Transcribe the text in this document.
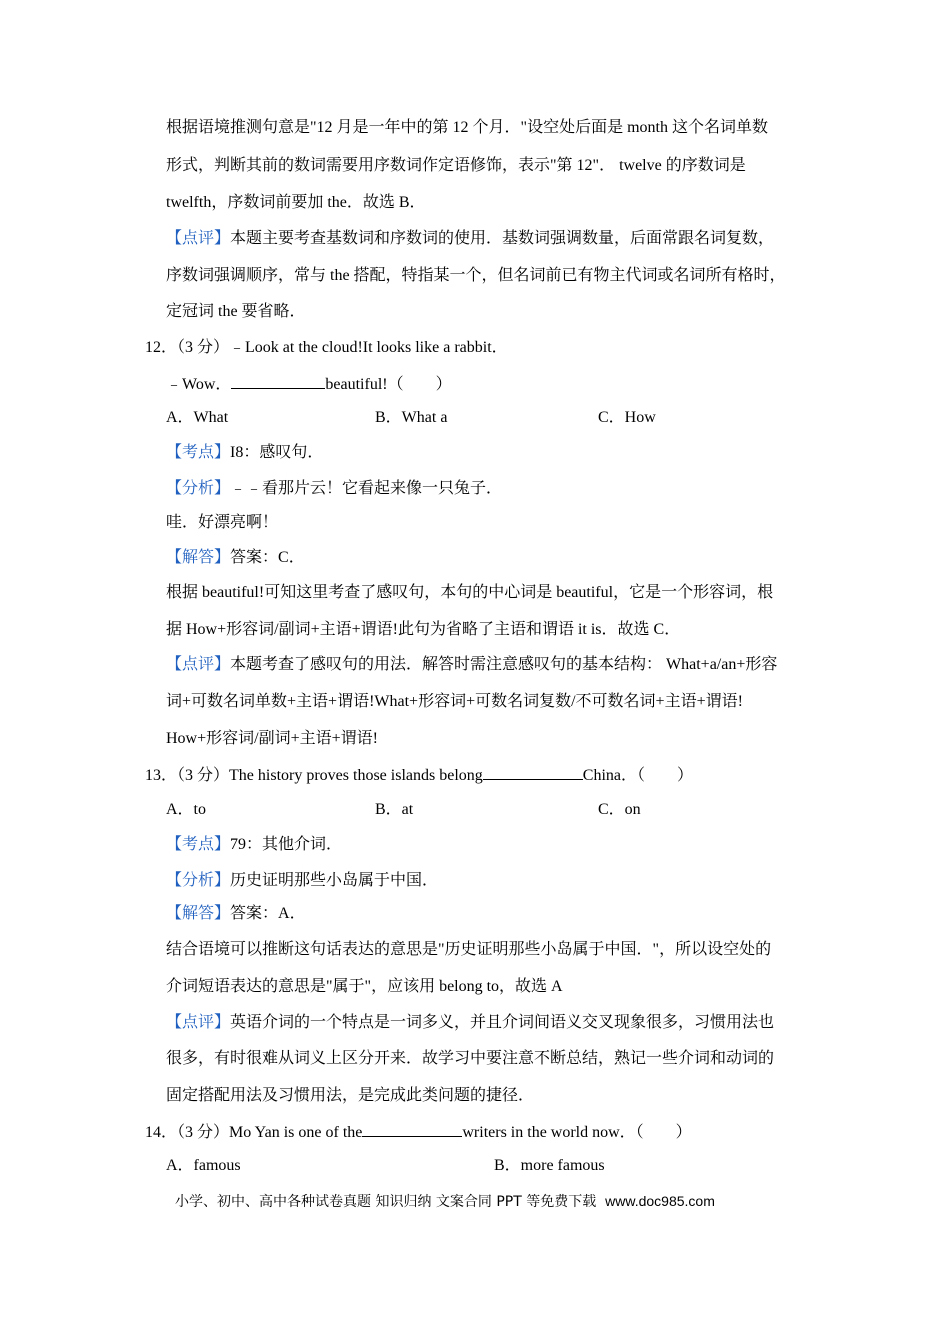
根据语境推测句意是"12 月是一年中的第 12 个月．"设空处后面是 month 这个名词单数
形式，判断其前的数词需要用序数词作定语修饰，表示"第 12"． twelve 的序数词是
twelfth，序数词前要加 the．故选 B．
【点评】本题主要考查基数词和序数词的使用．基数词强调数量，后面常跟名词复数，
序数词强调顺序，常与 the 搭配，特指某一个，但名词前已有物主代词或名词所有格时，
定冠词 the 要省略．
12．（3 分）﹣Look at the cloud!It looks like a rabbit．
﹣Wow．	beautiful!（　　）
A．What	B．What a	C．How
【考点】I8：感叹句．
【分析】﹣﹣看那片云！它看起来像一只兔子．
哇．好漂亮啊！
【解答】答案：C．
根据 beautiful!可知这里考查了感叹句，本句的中心词是 beautiful，它是一个形容词，根
据 How+形容词/副词+主语+谓语!此句为省略了主语和谓语 it is．故选 C．
【点评】本题考查了感叹句的用法．解答时需注意感叹句的基本结构： What+a/an+形容
词+可数名词单数+主语+谓语!What+形容词+可数名词复数/不可数名词+主语+谓语!
How+形容词/副词+主语+谓语!
13．（3 分）The history proves those islands belong	China．（　　）
A．to	B．at	C．on
【考点】79：其他介词．
【分析】历史证明那些小岛属于中国．
【解答】答案：A．
结合语境可以推断这句话表达的意思是"历史证明那些小岛属于中国．"，所以设空处的
介词短语表达的意思是"属于"，应该用 belong to，故选 A
【点评】英语介词的一个特点是一词多义，并且介词间语义交叉现象很多，习惯用法也
很多，有时很难从词义上区分开来．故学习中要注意不断总结，熟记一些介词和动词的
固定搭配用法及习惯用法，是完成此类问题的捷径．
14．（3 分）Mo Yan is one of the	writers in the world now．（　　）
A．famous	B．more famous
小学、初中、高中各种试卷真题 知识归纳 文案合同 PPT 等免费下载 www.doc985.com
